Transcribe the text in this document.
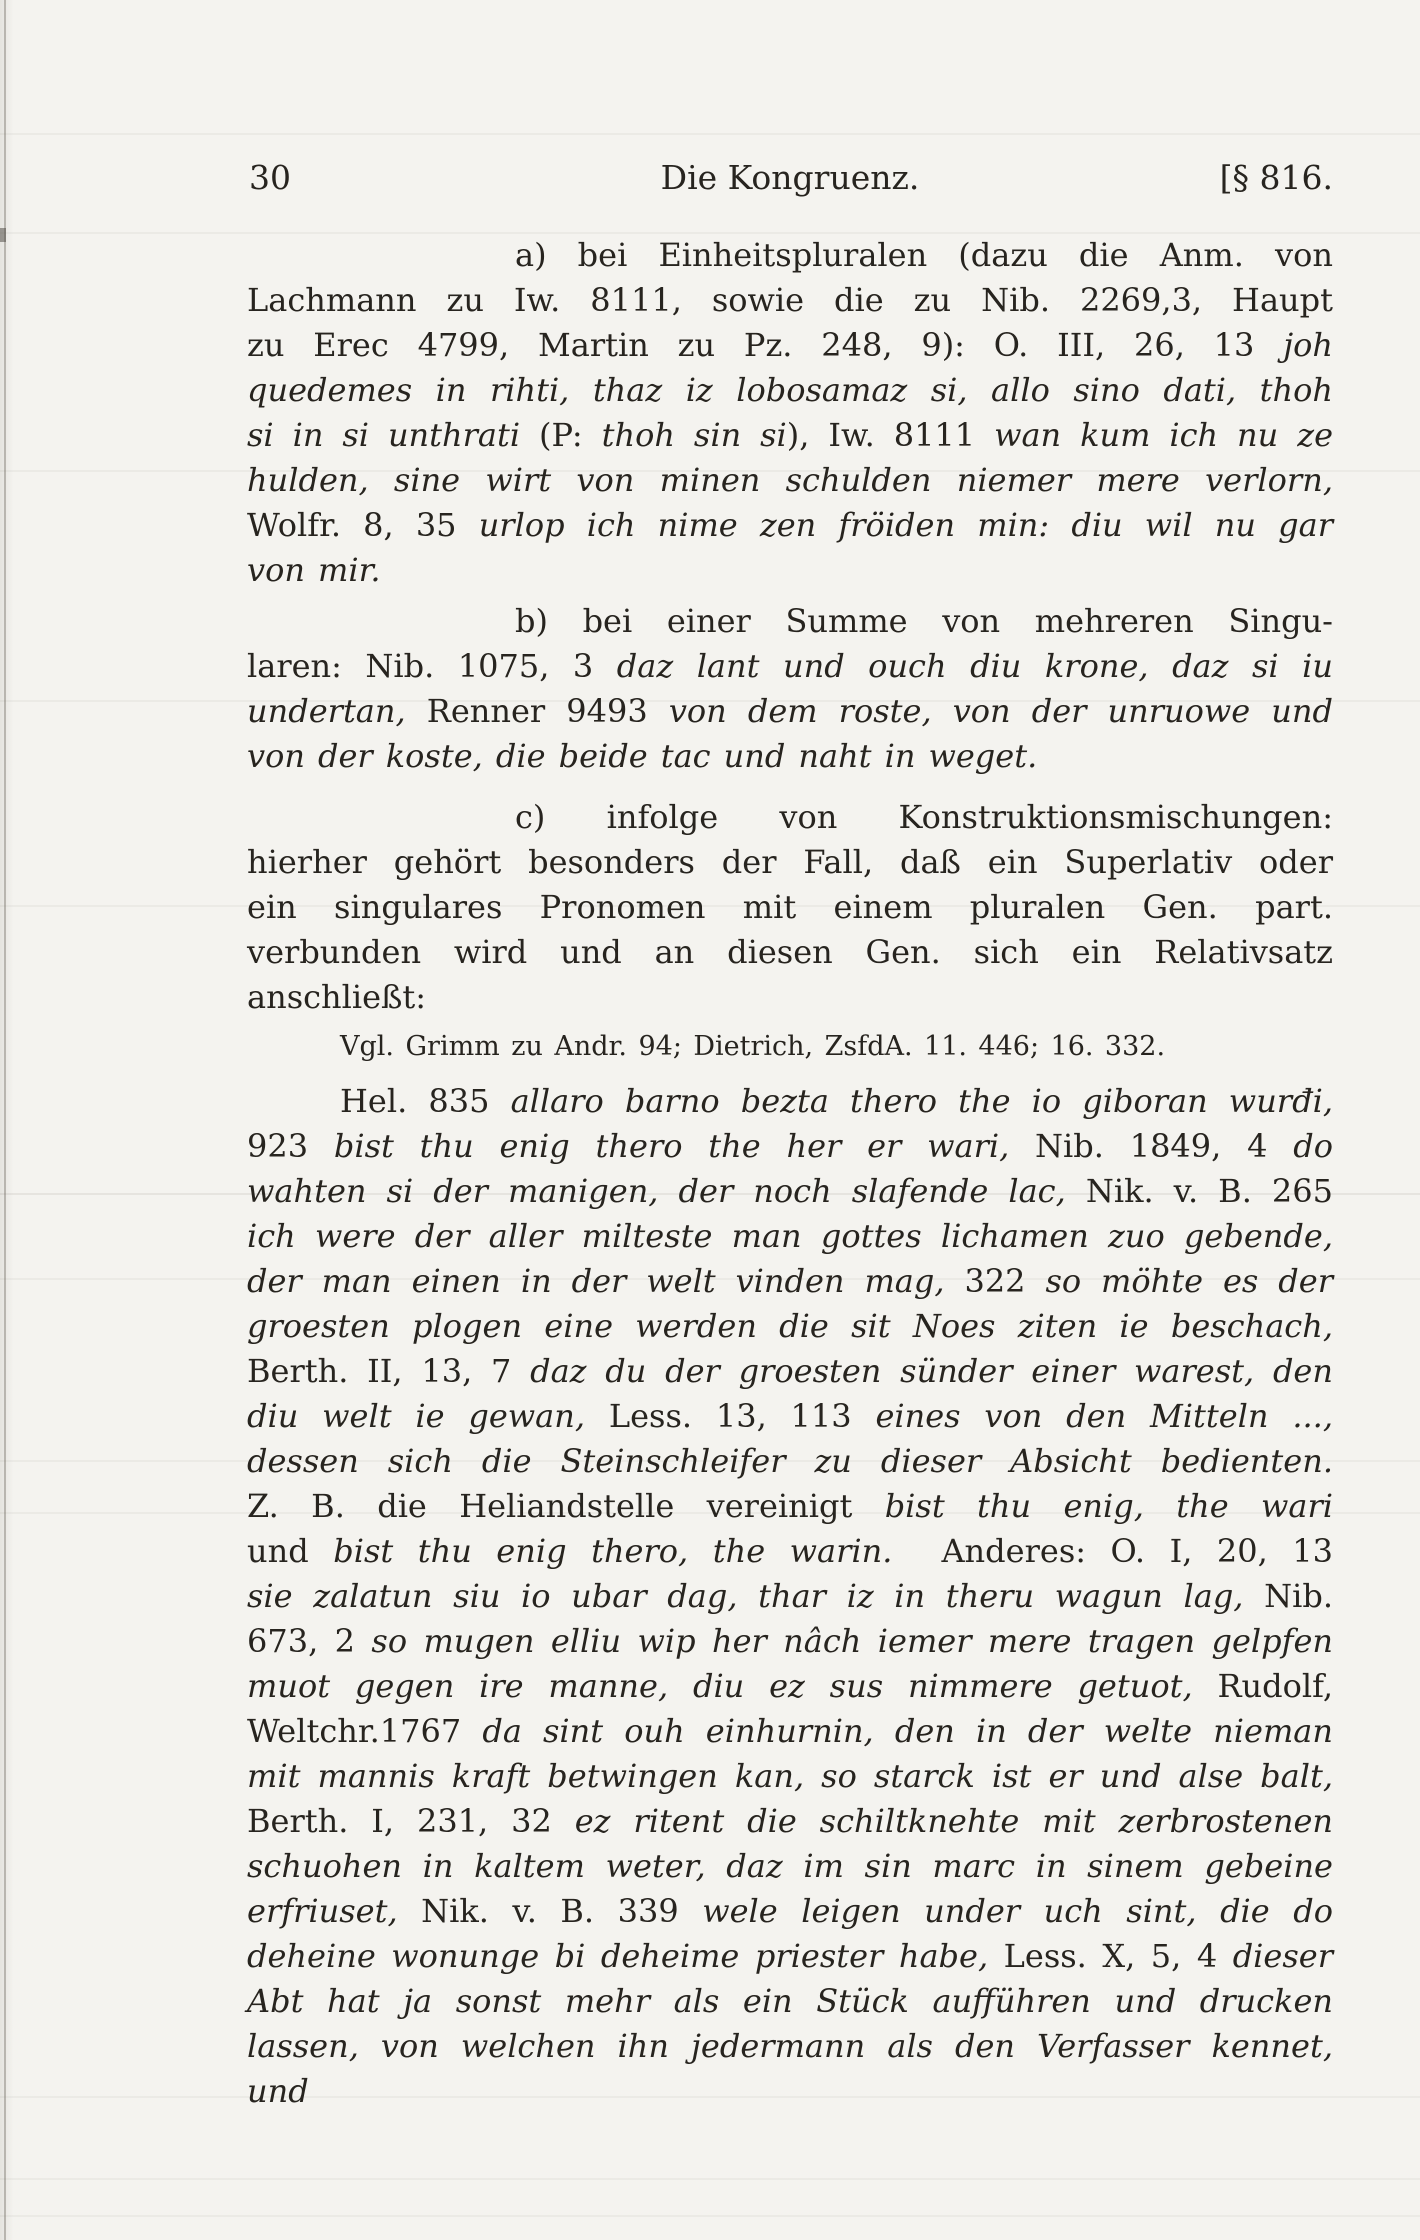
30	Die Kongruenz.	[§ 816.
a) bei Einheitspluralen (dazu die Anm. von
Lachmann zu Iw. 8111, sowie die zu Nib. 2269,3, Haupt
zu Erec 4799, Martin zu Pz. 248, 9): O. III, 26, 13 joh
quedemes in rihti, thaz iz lobosamaz si, allo sino dati, thoh
si in si unthrati (P: thoh sin si), Iw. 8111 wan kum ich nu ze
hulden, sine wirt von minen schulden niemer mere verlorn,
Wolfr. 8, 35 urlop ich nime zen fröiden min: diu wil nu gar
von mir.
b) bei einer Summe von mehreren Singu-
laren: Nib. 1075, 3 daz lant und ouch diu krone, daz si iu
undertan, Renner 9493 von dem roste, von der unruowe und
von der koste, die beide tac und naht in weget.
c) infolge von Konstruktionsmischungen:
hierher gehört besonders der Fall, daß ein Superlativ oder
ein singulares Pronomen mit einem pluralen Gen. part.
verbunden wird und an diesen Gen. sich ein Relativsatz
anschließt:
Vgl. Grimm zu Andr. 94; Dietrich, ZsfdA. 11. 446; 16. 332.
Hel. 835 allaro barno bezta thero the io giboran wurđi,
923 bist thu enig thero the her er wari, Nib. 1849, 4 do
wahten si der manigen, der noch slafende lac, Nik. v. B. 265
ich were der aller milteste man gottes lichamen zuo gebende,
der man einen in der welt vinden mag, 322 so möhte es der
groesten plogen eine werden die sit Noes ziten ie beschach,
Berth. II, 13, 7 daz du der groesten sünder einer warest, den
diu welt ie gewan, Less. 13, 113 eines von den Mitteln ...,
dessen sich die Steinschleifer zu dieser Absicht bedienten.
Z. B. die Heliandstelle vereinigt bist thu enig, the wari
und bist thu enig thero, the warin.  Anderes: O. I, 20, 13
sie zalatun siu io ubar dag, thar iz in theru wagun lag, Nib.
673, 2 so mugen elliu wip her nâch iemer mere tragen gelpfen
muot gegen ire manne, diu ez sus nimmere getuot, Rudolf,
Weltchr.1767 da sint ouh einhurnin, den in der welte nieman
mit mannis kraft betwingen kan, so starck ist er und alse balt,
Berth. I, 231, 32 ez ritent die schiltknehte mit zerbrostenen
schuohen in kaltem weter, daz im sin marc in sinem gebeine
erfriuset, Nik. v. B. 339 wele leigen under uch sint, die do
deheine wonunge bi deheime priester habe, Less. X, 5, 4 dieser
Abt hat ja sonst mehr als ein Stück aufführen und drucken
lassen, von welchen ihn jedermann als den Verfasser kennet, und
